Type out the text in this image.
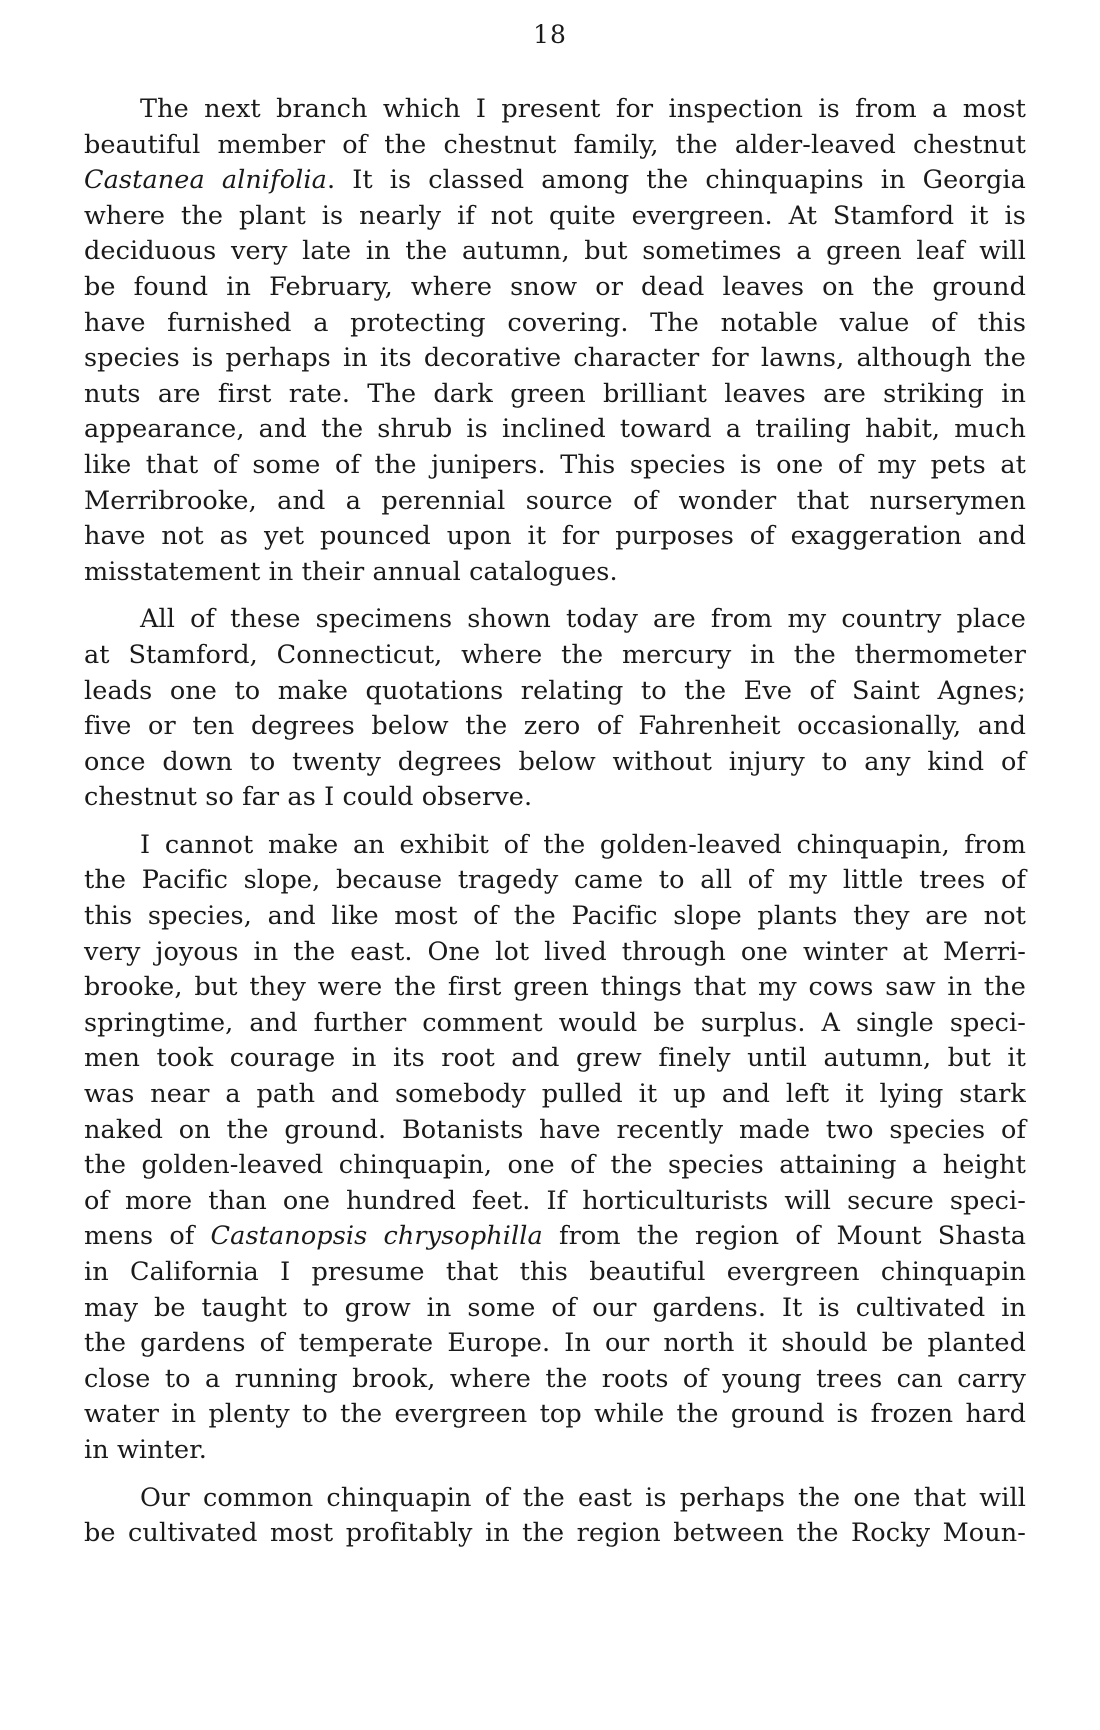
18
The next branch which I present for inspection is from a most
beautiful member of the chestnut family, the alder-leaved chestnut
Castanea alnifolia. It is classed among the chinquapins in Georgia
where the plant is nearly if not quite evergreen. At Stamford it is
deciduous very late in the autumn, but sometimes a green leaf will
be found in February, where snow or dead leaves on the ground
have furnished a protecting covering. The notable value of this
species is perhaps in its decorative character for lawns, although the
nuts are first rate. The dark green brilliant leaves are striking in
appearance, and the shrub is inclined toward a trailing habit, much
like that of some of the junipers. This species is one of my pets at
Merribrooke, and a perennial source of wonder that nurserymen
have not as yet pounced upon it for purposes of exaggeration and
misstatement in their annual catalogues.
All of these specimens shown today are from my country place
at Stamford, Connecticut, where the mercury in the thermometer
leads one to make quotations relating to the Eve of Saint Agnes;
five or ten degrees below the zero of Fahrenheit occasionally, and
once down to twenty degrees below without injury to any kind of
chestnut so far as I could observe.
I cannot make an exhibit of the golden-leaved chinquapin, from
the Pacific slope, because tragedy came to all of my little trees of
this species, and like most of the Pacific slope plants they are not
very joyous in the east. One lot lived through one winter at Merri-
brooke, but they were the first green things that my cows saw in the
springtime, and further comment would be surplus. A single speci-
men took courage in its root and grew finely until autumn, but it
was near a path and somebody pulled it up and left it lying stark
naked on the ground. Botanists have recently made two species of
the golden-leaved chinquapin, one of the species attaining a height
of more than one hundred feet. If horticulturists will secure speci-
mens of Castanopsis chrysophilla from the region of Mount Shasta
in California I presume that this beautiful evergreen chinquapin
may be taught to grow in some of our gardens. It is cultivated in
the gardens of temperate Europe. In our north it should be planted
close to a running brook, where the roots of young trees can carry
water in plenty to the evergreen top while the ground is frozen hard
in winter.
Our common chinquapin of the east is perhaps the one that will
be cultivated most profitably in the region between the Rocky Moun-
